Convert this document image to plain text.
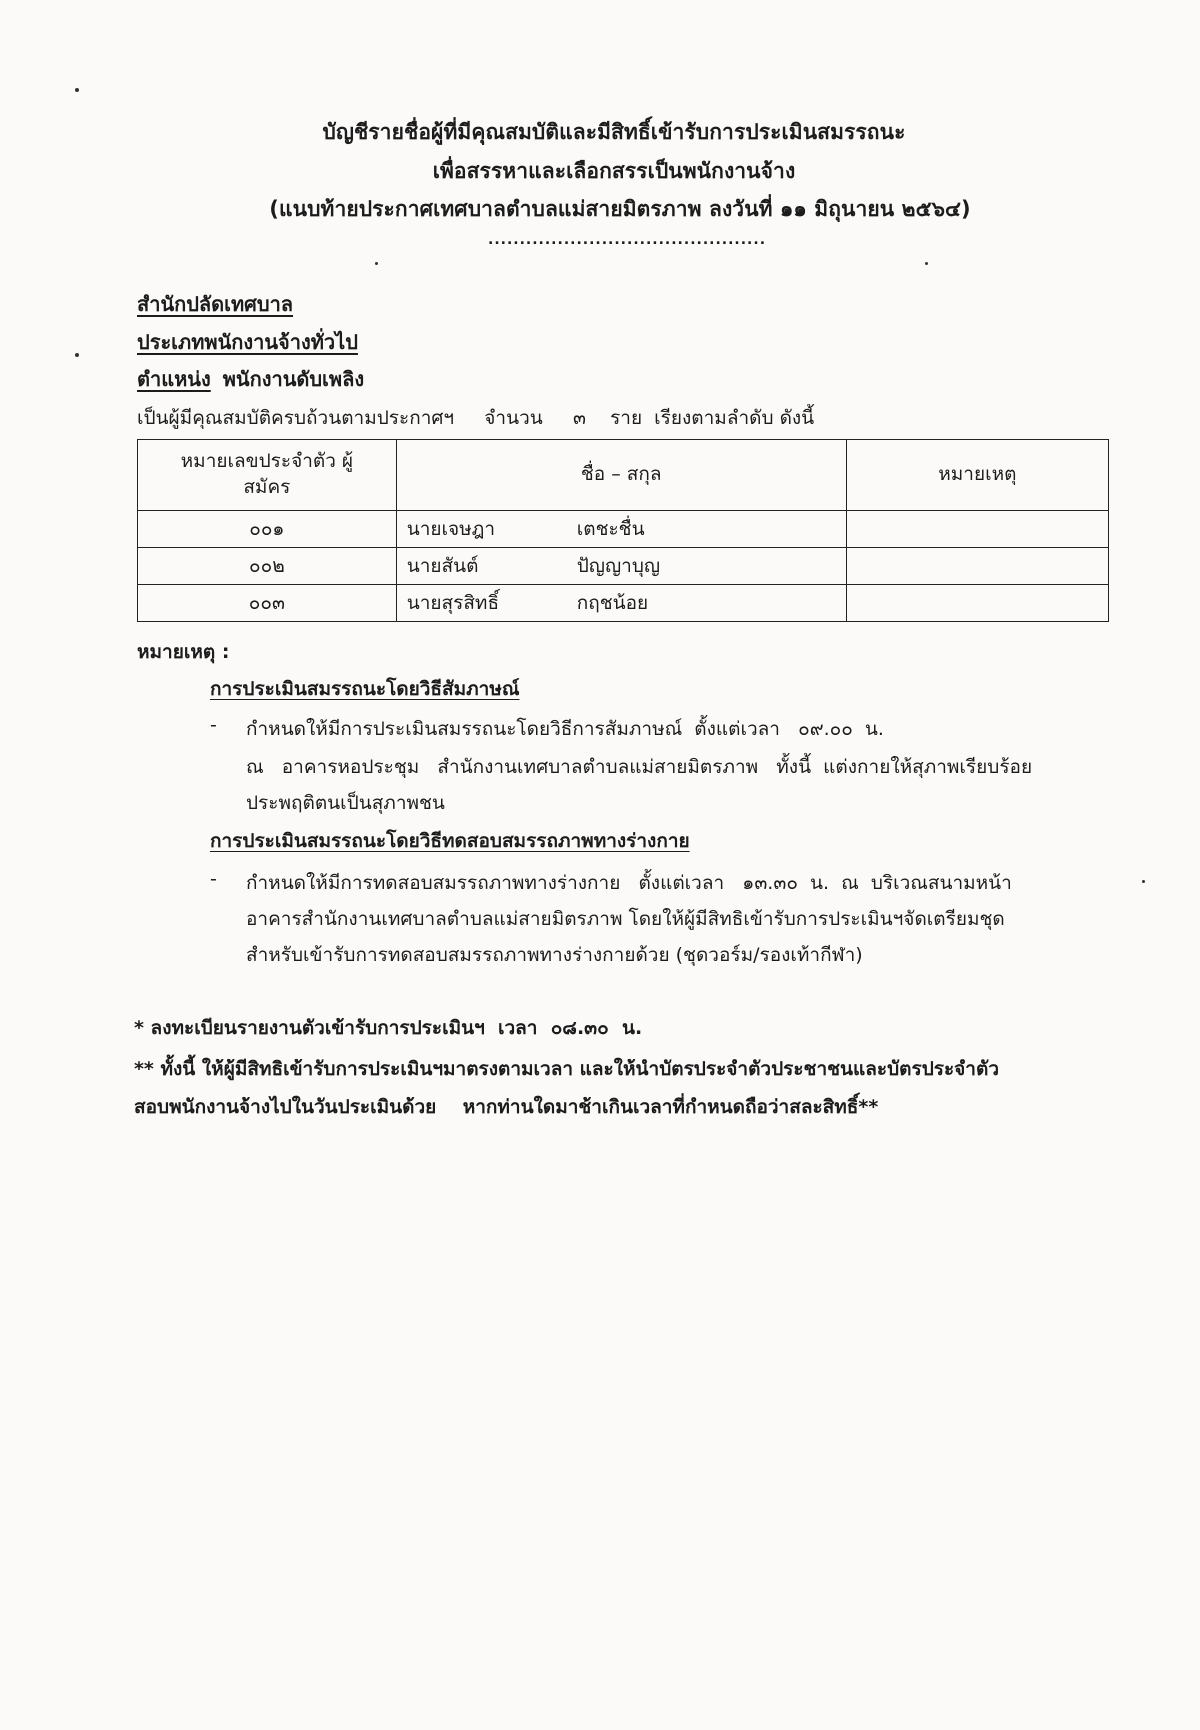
บัญชีรายชื่อผู้ที่มีคุณสมบัติและมีสิทธิ์เข้ารับการประเมินสมรรถนะ
เพื่อสรรหาและเลือกสรรเป็นพนักงานจ้าง
(แนบท้ายประกาศเทศบาลตำบลแม่สายมิตรภาพ ลงวันที่ ๑๑ มิถุนายน ๒๕๖๔)
............................................
สำนักปลัดเทศบาล
ประเภทพนักงานจ้างทั่วไป
ตำแหน่ง พนักงานดับเพลิง
เป็นผู้มีคุณสมบัติครบถ้วนตามประกาศฯ     จำนวน     ๓    ราย  เรียงตามลำดับ ดังนี้
หมายเลขประจำตัว ผู้สมัคร	ชื่อ – สกุล	หมายเหตุ
๐๐๑	นายเจษฎา เตชะชื่น	
๐๐๒	นายสันต์ ปัญญาบุญ	
๐๐๓	นายสุรสิทธิ์ กฤชน้อย	
หมายเหตุ :
การประเมินสมรรถนะโดยวิธีสัมภาษณ์
- กำหนดให้มีการประเมินสมรรถนะโดยวิธีการสัมภาษณ์  ตั้งแต่เวลา   ๐๙.๐๐  น.
ณ   อาคารหอประชุม   สำนักงานเทศบาลตำบลแม่สายมิตรภาพ   ทั้งนี้  แต่งกายให้สุภาพเรียบร้อย
ประพฤติตนเป็นสุภาพชน
การประเมินสมรรถนะโดยวิธีทดสอบสมรรถภาพทางร่างกาย
- กำหนดให้มีการทดสอบสมรรถภาพทางร่างกาย   ตั้งแต่เวลา   ๑๓.๓๐  น.  ณ  บริเวณสนามหน้า
อาคารสำนักงานเทศบาลตำบลแม่สายมิตรภาพ โดยให้ผู้มีสิทธิเข้ารับการประเมินฯจัดเตรียมชุด
สำหรับเข้ารับการทดสอบสมรรถภาพทางร่างกายด้วย (ชุดวอร์ม/รองเท้ากีฬา)
* ลงทะเบียนรายงานตัวเข้ารับการประเมินฯ  เวลา  ๐๘.๓๐  น.
** ทั้งนี้ ให้ผู้มีสิทธิเข้ารับการประเมินฯมาตรงตามเวลา และให้นำบัตรประจำตัวประชาชนและบัตรประจำตัว
สอบพนักงานจ้างไปในวันประเมินด้วย    หากท่านใดมาช้าเกินเวลาที่กำหนดถือว่าสละสิทธิ์**
